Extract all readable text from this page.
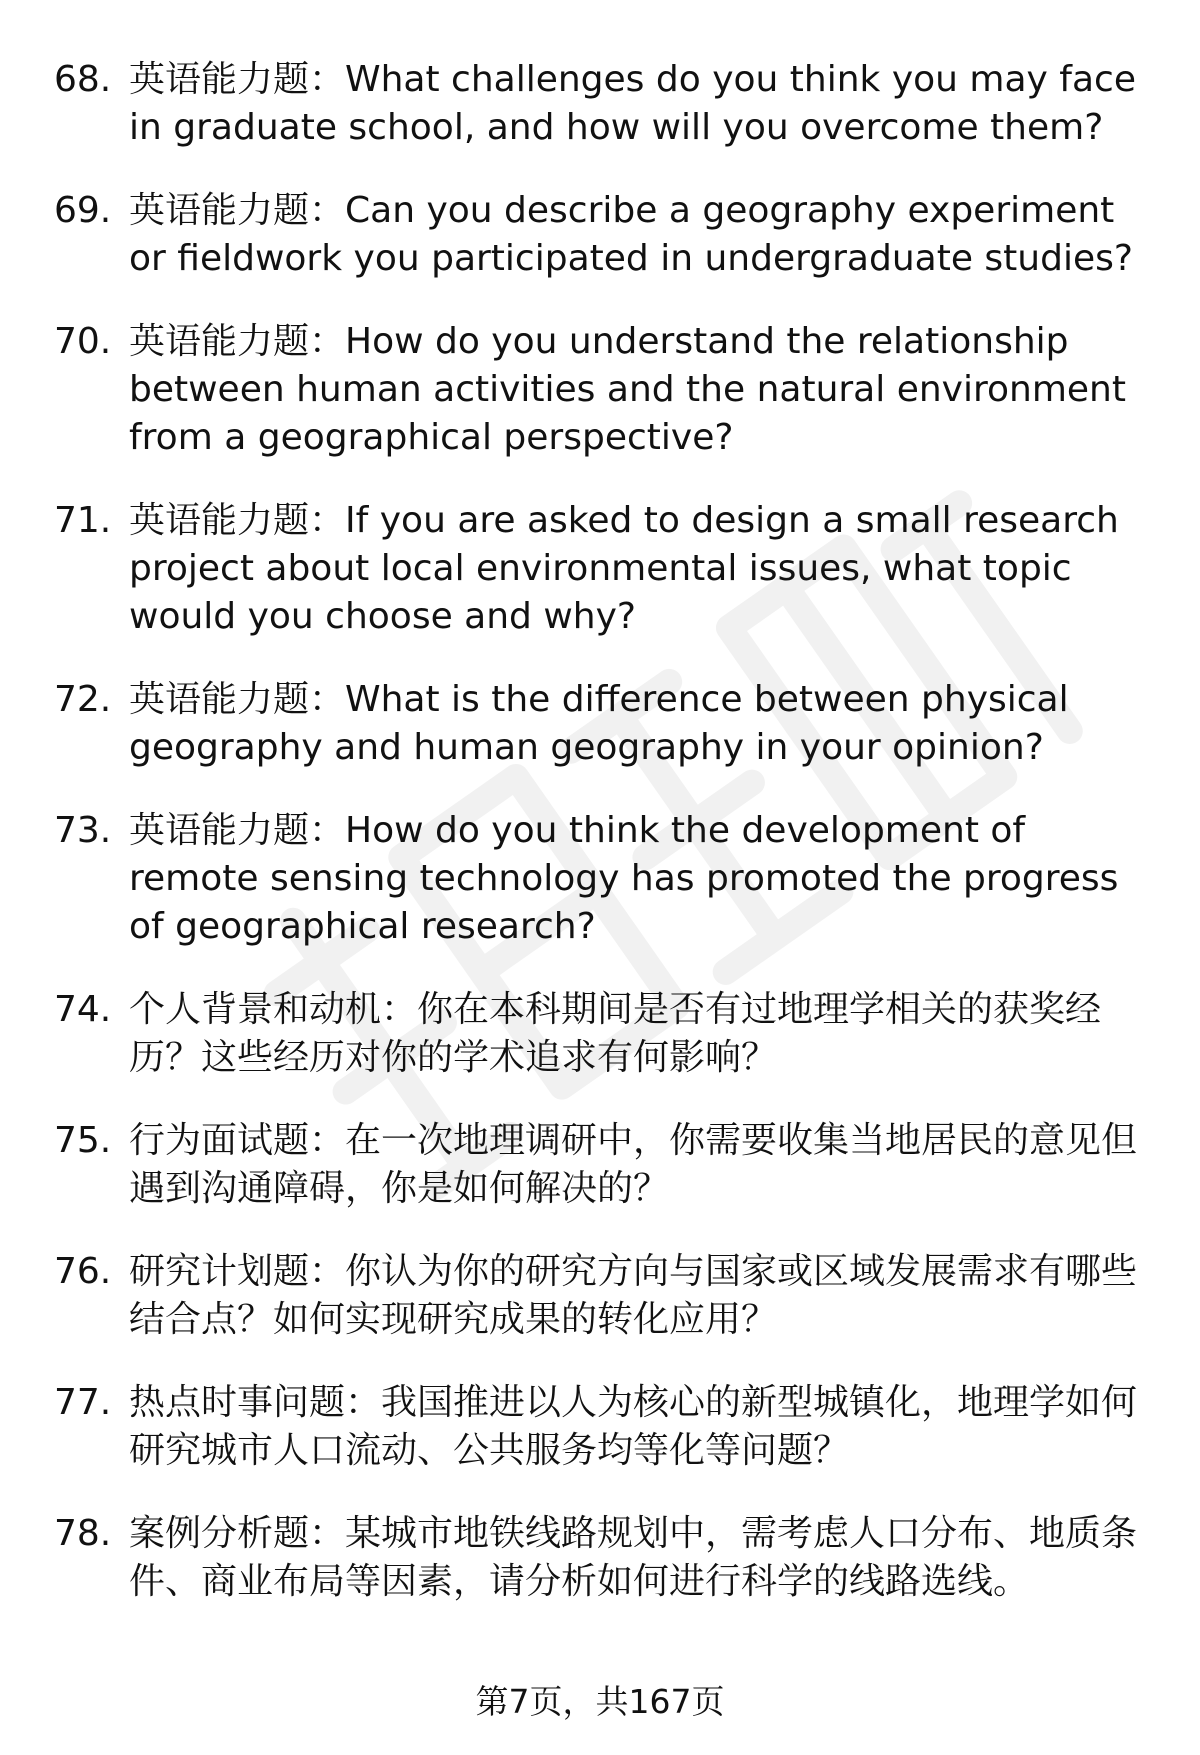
68. 英语能力题：What challenges do you think you may face in graduate school, and how will you overcome them?
69. 英语能力题：Can you describe a geography experiment or fieldwork you participated in undergraduate studies?
70. 英语能力题：How do you understand the relationship between human activities and the natural environment from a geographical perspective?
71. 英语能力题：If you are asked to design a small research project about local environmental issues, what topic would you choose and why?
72. 英语能力题：What is the difference between physical geography and human geography in your opinion?
73. 英语能力题：How do you think the development of remote sensing technology has promoted the progress of geographical research?
74. 个人背景和动机：你在本科期间是否有过地理学相关的获奖经历？这些经历对你的学术追求有何影响？
75. 行为面试题：在一次地理调研中，你需要收集当地居民的意见但遇到沟通障碍，你是如何解决的？
76. 研究计划题：你认为你的研究方向与国家或区域发展需求有哪些结合点？如何实现研究成果的转化应用？
77. 热点时事问题：我国推进以人为核心的新型城镇化，地理学如何研究城市人口流动、公共服务均等化等问题？
78. 案例分析题：某城市地铁线路规划中，需考虑人口分布、地质条件、商业布局等因素，请分析如何进行科学的线路选线。
第7页，共167页
